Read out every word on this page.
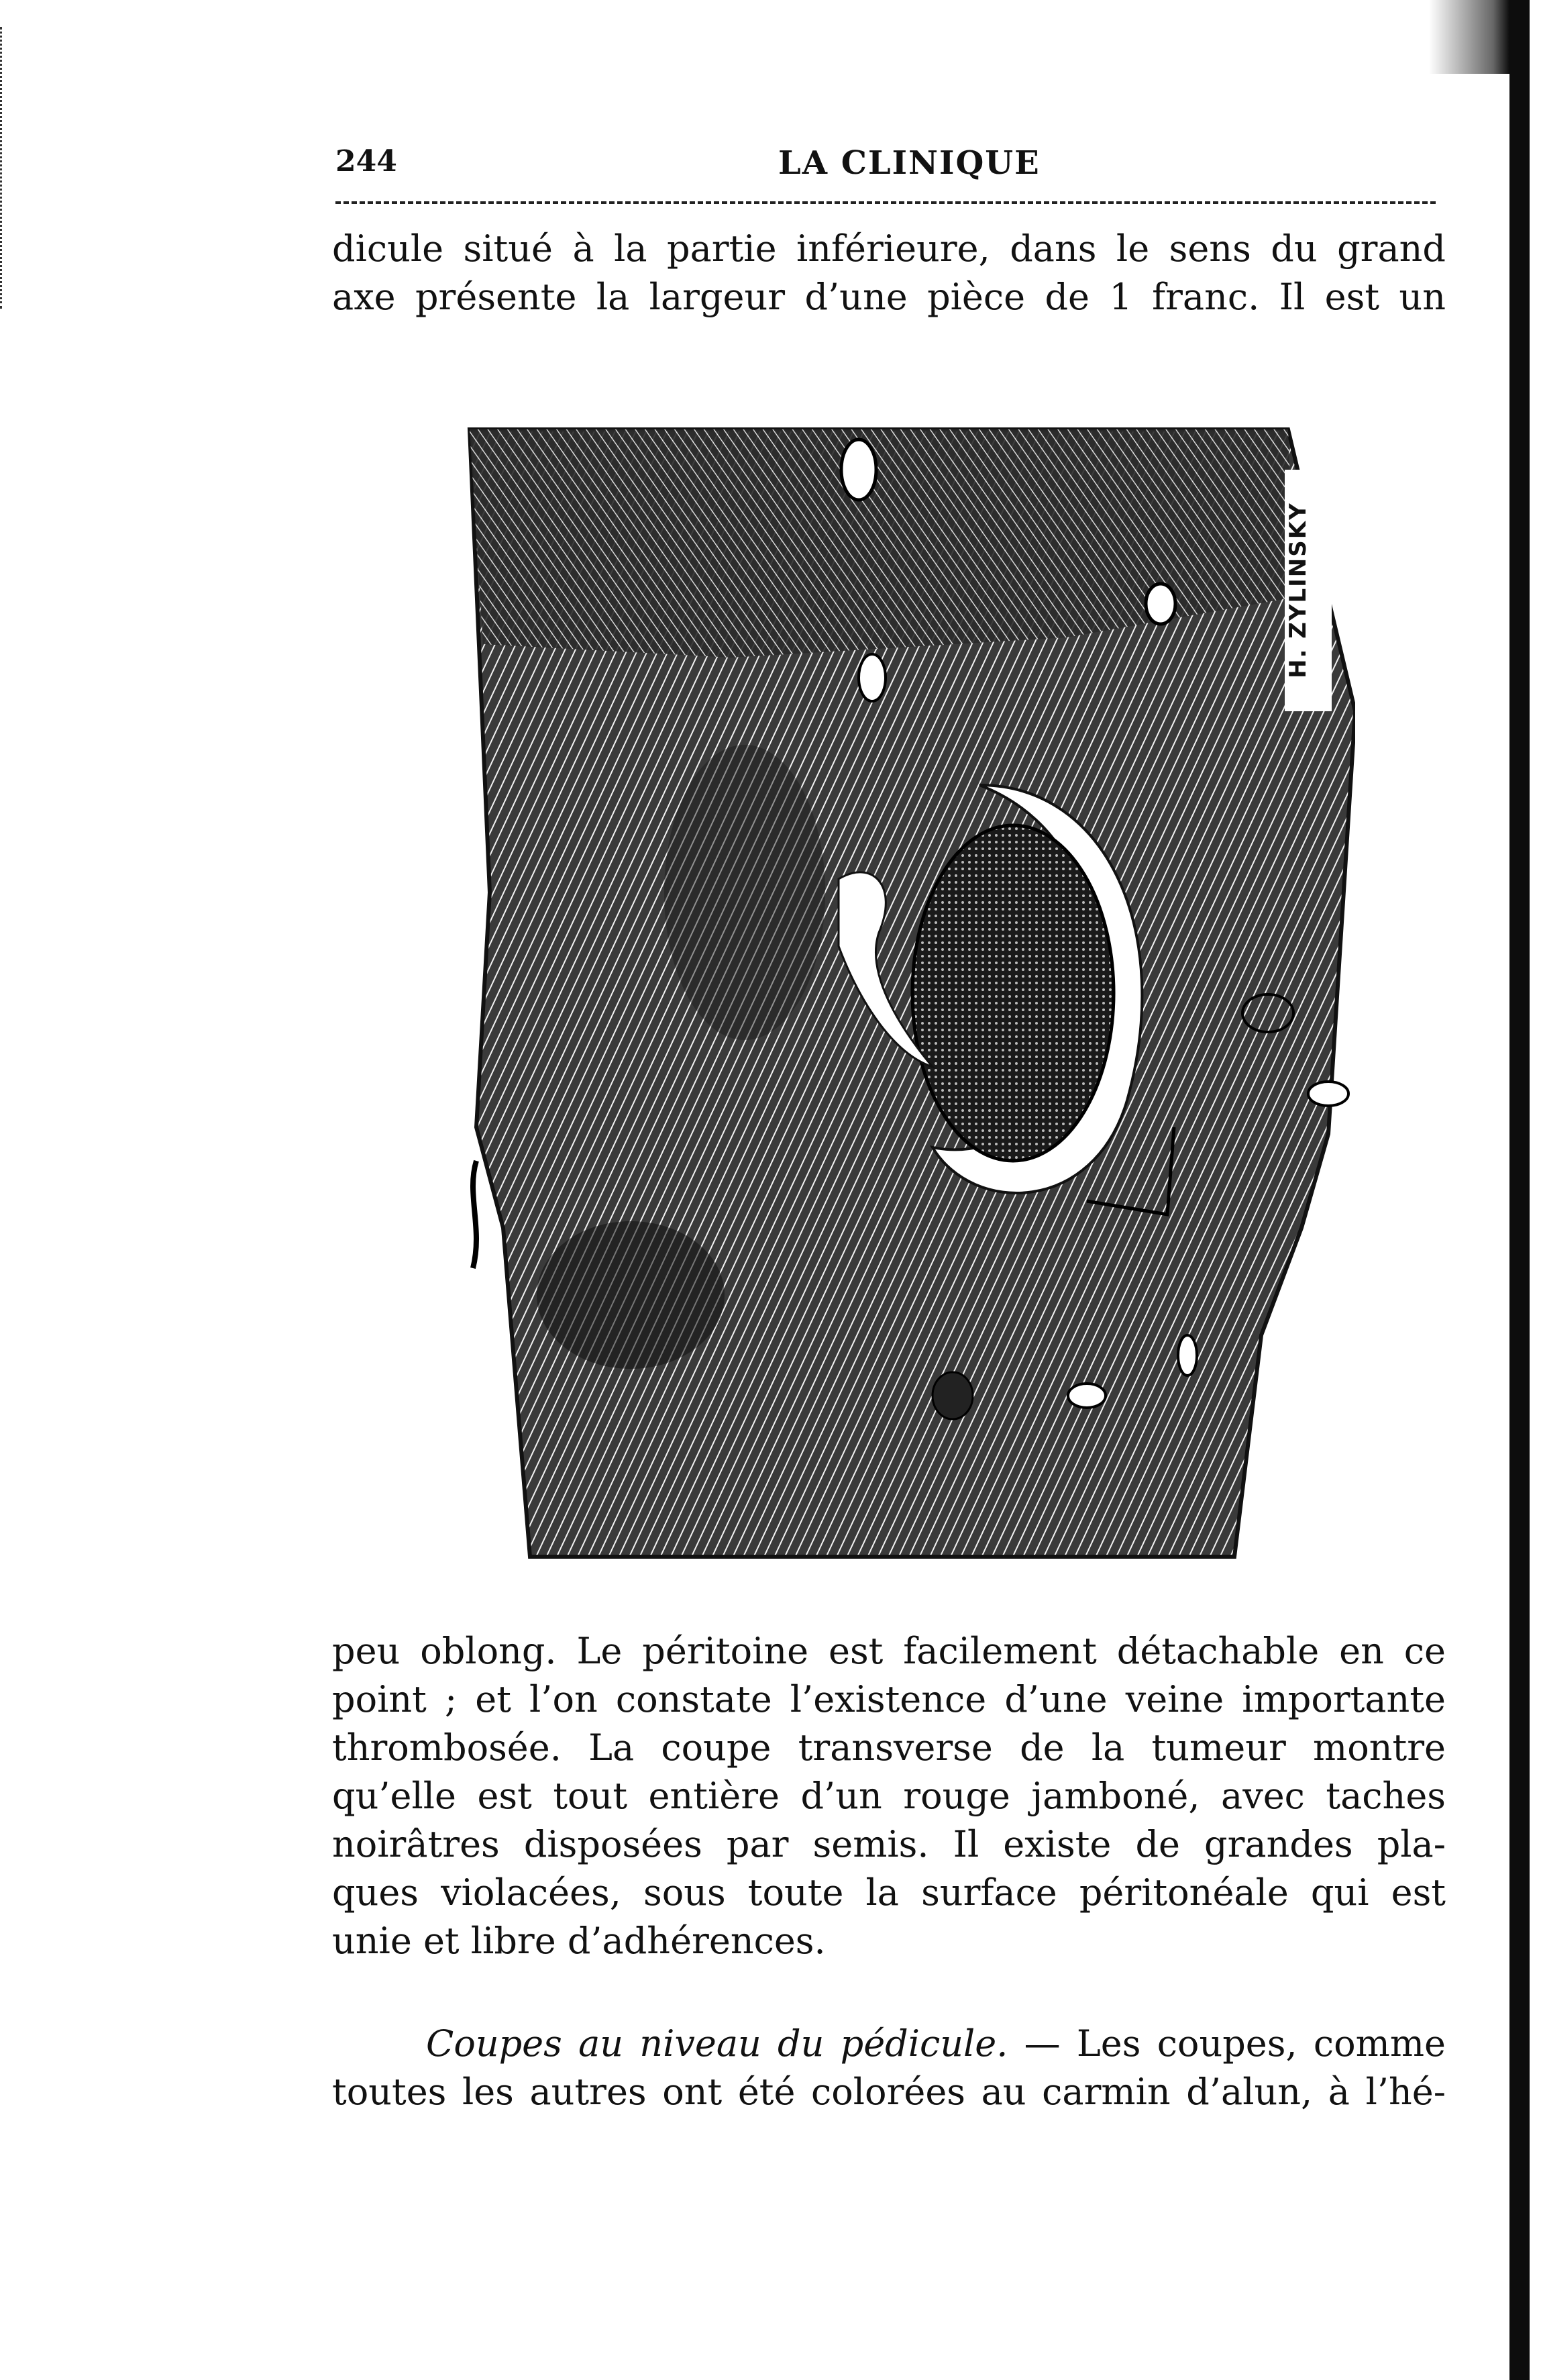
244	LA CLINIQUE
dicule situé à la partie inférieure, dans le sens du grand
axe présente la largeur d’une pièce de 1 franc. Il est un
H. ZYLINSKY
peu oblong. Le péritoine est facilement détachable en ce
point ; et l’on constate l’existence d’une veine importante
thrombosée. La coupe transverse de la tumeur montre
qu’elle est tout entière d’un rouge jamboné, avec taches
noirâtres disposées par semis. Il existe de grandes pla-
ques violacées, sous toute la surface péritonéale qui est
unie et libre d’adhérences.
Coupes au niveau du pédicule. — Les coupes, comme
toutes les autres ont été colorées au carmin d’alun, à l’hé-
